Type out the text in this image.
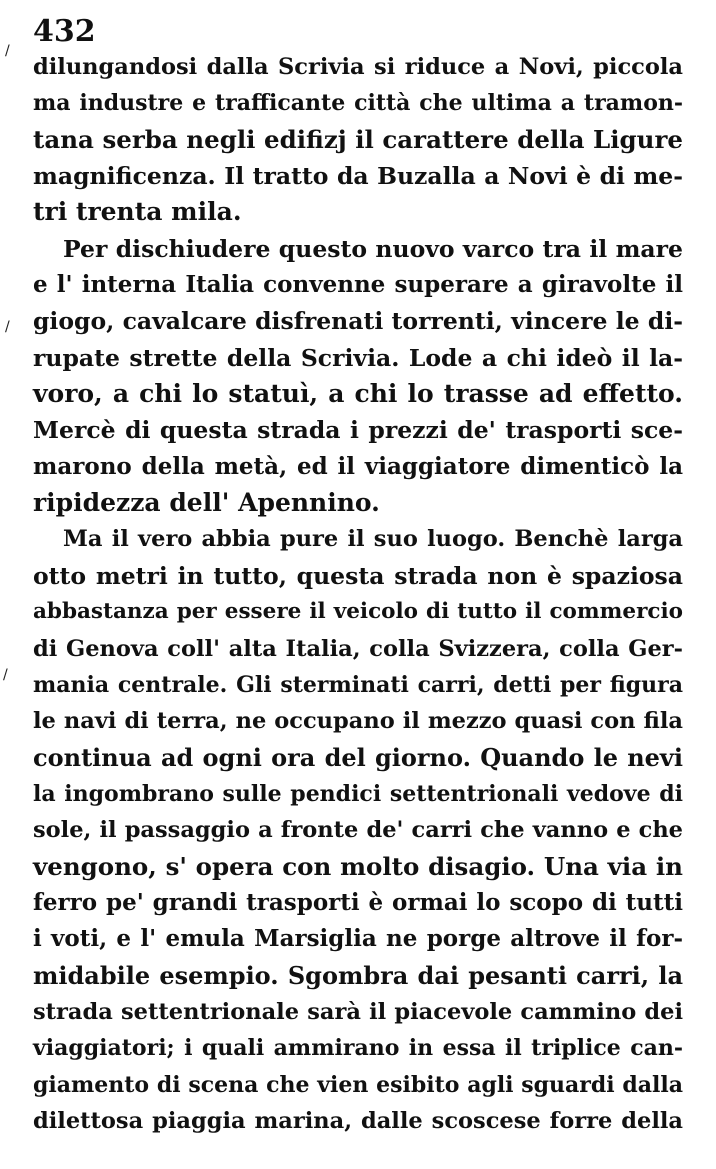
432
/
/
/
dilungandosi dalla Scrivia si riduce a Novi, piccola
ma industre e trafficante città che ultima a tramon-
tana serba negli edifizj il carattere della Ligure
magnificenza. Il tratto da Buzalla a Novi è di me-
tri trenta mila.
Per dischiudere questo nuovo varco tra il mare
e l' interna Italia convenne superare a giravolte il
giogo, cavalcare disfrenati torrenti, vincere le di-
rupate strette della Scrivia. Lode a chi ideò il la-
voro, a chi lo statuì, a chi lo trasse ad effetto.
Mercè di questa strada i prezzi de' trasporti sce-
marono della metà, ed il viaggiatore dimenticò la
ripidezza dell' Apennino.
Ma il vero abbia pure il suo luogo. Benchè larga
otto metri in tutto, questa strada non è spaziosa
abbastanza per essere il veicolo di tutto il commercio
di Genova coll' alta Italia, colla Svizzera, colla Ger-
mania centrale. Gli sterminati carri, detti per figura
le navi di terra, ne occupano il mezzo quasi con fila
continua ad ogni ora del giorno. Quando le nevi
la ingombrano sulle pendici settentrionali vedove di
sole, il passaggio a fronte de' carri che vanno e che
vengono, s' opera con molto disagio. Una via in
ferro pe' grandi trasporti è ormai lo scopo di tutti
i voti, e l' emula Marsiglia ne porge altrove il for-
midabile esempio. Sgombra dai pesanti carri, la
strada settentrionale sarà il piacevole cammino dei
viaggiatori; i quali ammirano in essa il triplice can-
giamento di scena che vien esibito agli sguardi dalla
dilettosa piaggia marina, dalle scoscese forre della
